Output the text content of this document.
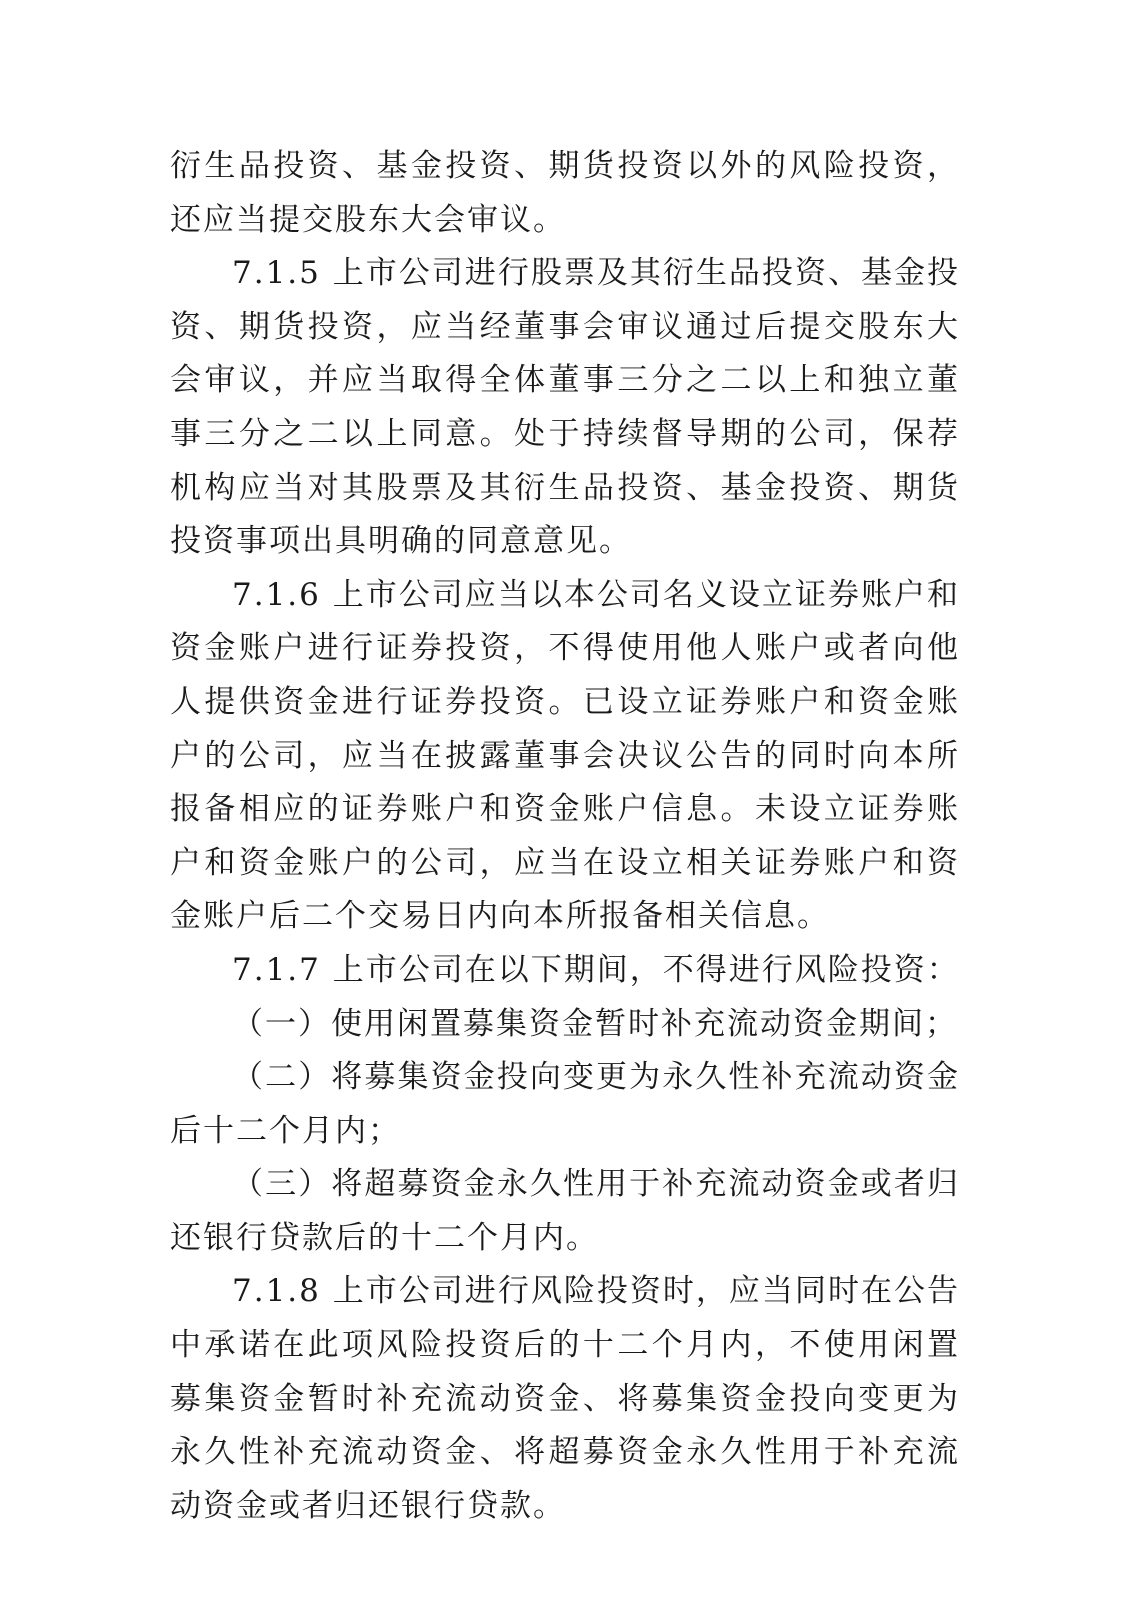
衍生品投资、基金投资、期货投资以外的风险投资，还应当提交股东大会审议。

7.1.5 上市公司进行股票及其衍生品投资、基金投资、期货投资，应当经董事会审议通过后提交股东大会审议，并应当取得全体董事三分之二以上和独立董事三分之二以上同意。处于持续督导期的公司，保荐机构应当对其股票及其衍生品投资、基金投资、期货投资事项出具明确的同意意见。

7.1.6 上市公司应当以本公司名义设立证券账户和资金账户进行证券投资，不得使用他人账户或者向他人提供资金进行证券投资。已设立证券账户和资金账户的公司，应当在披露董事会决议公告的同时向本所报备相应的证券账户和资金账户信息。未设立证券账户和资金账户的公司，应当在设立相关证券账户和资金账户后二个交易日内向本所报备相关信息。

7.1.7 上市公司在以下期间，不得进行风险投资：

（一）使用闲置募集资金暂时补充流动资金期间；

（二）将募集资金投向变更为永久性补充流动资金后十二个月内；

（三）将超募资金永久性用于补充流动资金或者归还银行贷款后的十二个月内。

7.1.8 上市公司进行风险投资时，应当同时在公告中承诺在此项风险投资后的十二个月内，不使用闲置募集资金暂时补充流动资金、将募集资金投向变更为永久性补充流动资金、将超募资金永久性用于补充流动资金或者归还银行贷款。
